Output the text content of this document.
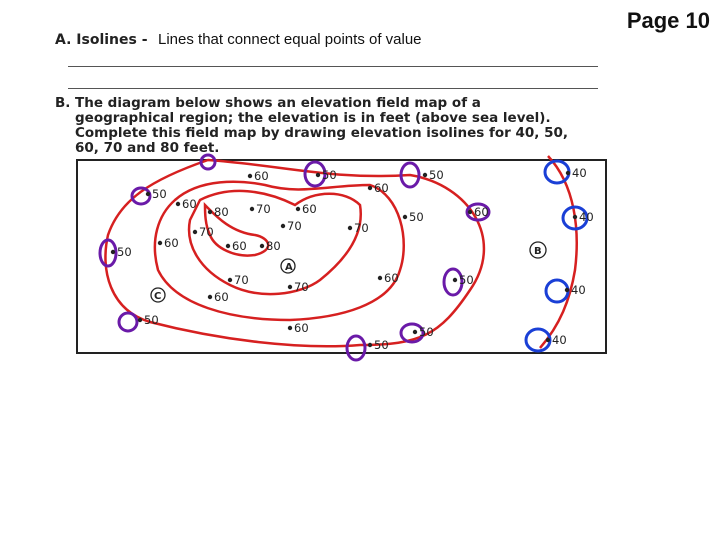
Page 10
A. Isolines - Lines that connect equal points of value
B. The diagram below shows an elevation field map of a geographical region; the elevation is in feet (above sea level). Complete this field map by drawing elevation isolines for 40, 50, 60, 70 and 80 feet.
A
B
C
50
60
60
60	50
60
50
80 70	60
70	70
50
70
60 80
50
60
70
60
60
70
50
60
50
50
50
40
40
40
40
